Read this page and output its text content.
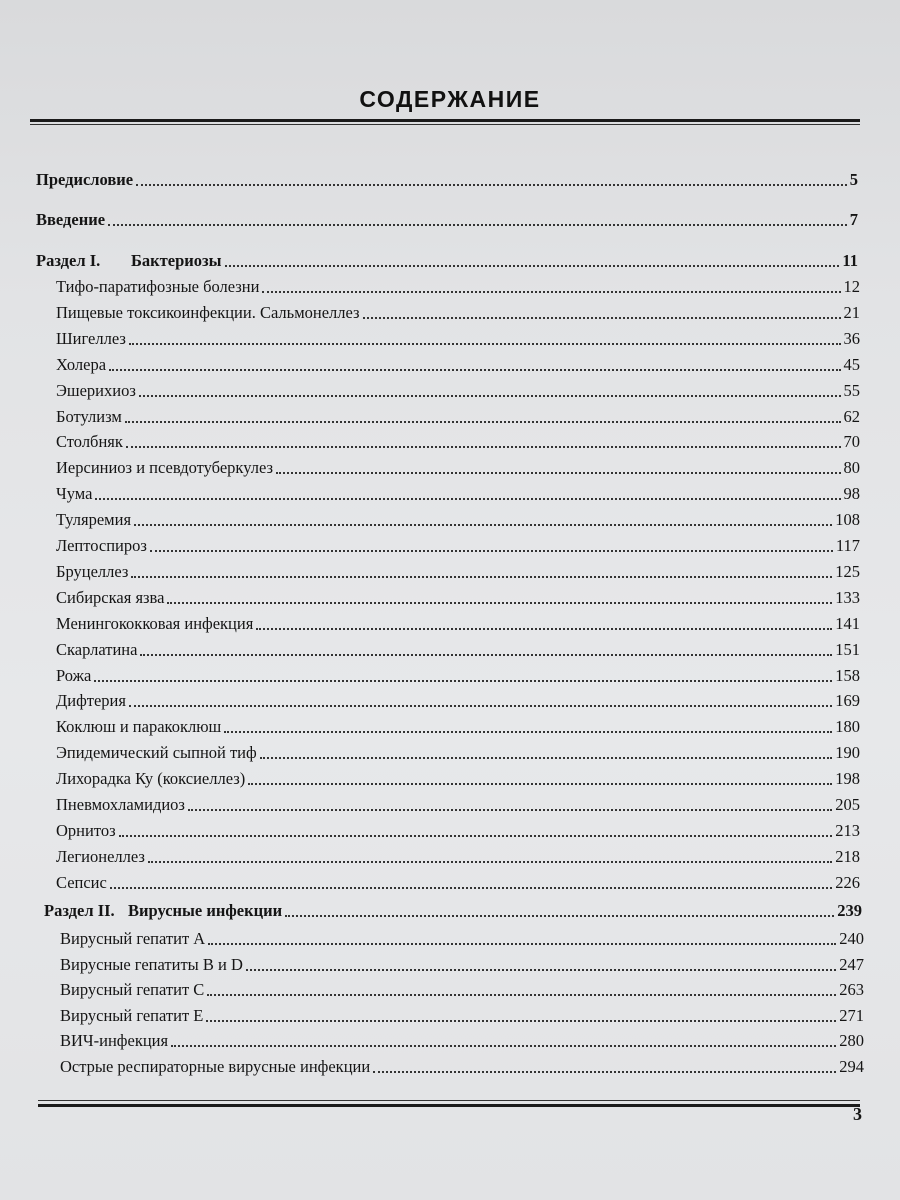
СОДЕРЖАНИЕ
Предисловие	5
Введение	7
Раздел I. Бактериозы	11
Тифо-паратифозные болезни	12
Пищевые токсикоинфекции. Сальмонеллез	21
Шигеллез	36
Холера	45
Эшерихиоз	55
Ботулизм	62
Столбняк	70
Иерсиниоз и псевдотуберкулез	80
Чума	98
Туляремия	108
Лептоспироз	117
Бруцеллез	125
Сибирская язва	133
Менингококковая инфекция	141
Скарлатина	151
Рожа	158
Дифтерия	169
Коклюш и паракоклюш	180
Эпидемический сыпной тиф	190
Лихорадка Ку (коксиеллез)	198
Пневмохламидиоз	205
Орнитоз	213
Легионеллез	218
Сепсис	226
Раздел II. Вирусные инфекции	239
Вирусный гепатит А	240
Вирусные гепатиты В и D	247
Вирусный гепатит С	263
Вирусный гепатит Е	271
ВИЧ-инфекция	280
Острые респираторные вирусные инфекции	294
3
